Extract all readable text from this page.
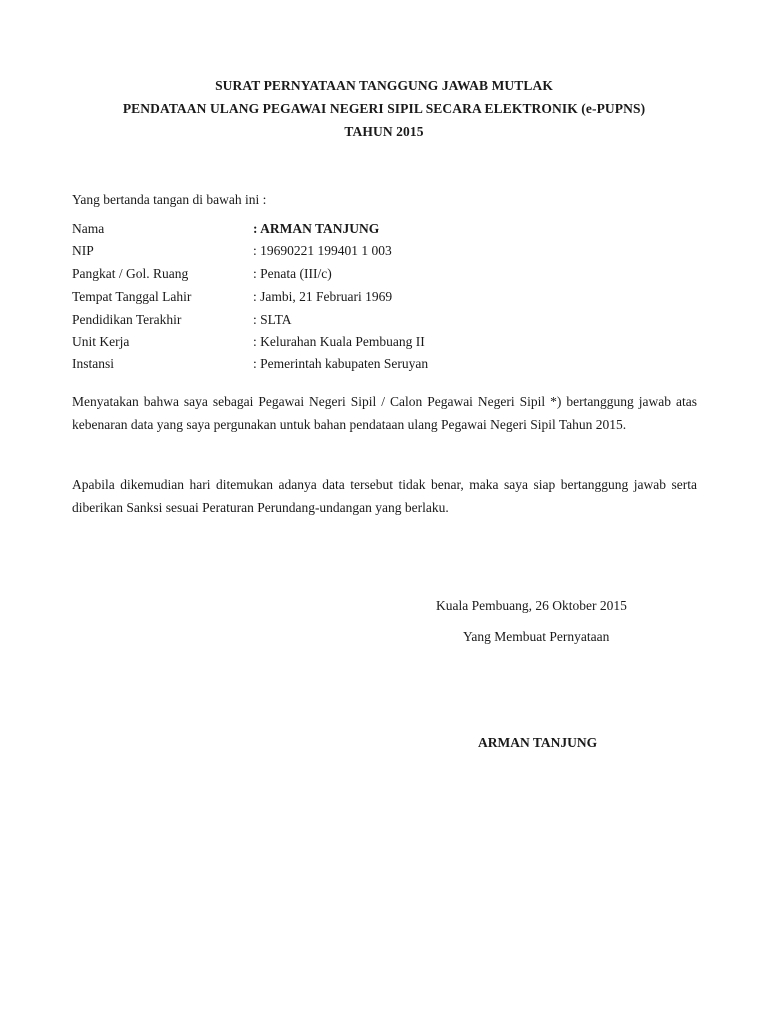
SURAT PERNYATAAN TANGGUNG JAWAB MUTLAK
PENDATAAN ULANG PEGAWAI NEGERI SIPIL SECARA ELEKTRONIK (e-PUPNS)
TAHUN 2015
Yang bertanda tangan di bawah ini :
Nama	: ARMAN TANJUNG
NIP	: 19690221 199401 1 003
Pangkat / Gol. Ruang	: Penata (III/c)
Tempat Tanggal Lahir	: Jambi, 21 Februari 1969
Pendidikan Terakhir	: SLTA
Unit Kerja	: Kelurahan Kuala Pembuang II
Instansi	: Pemerintah kabupaten Seruyan
Menyatakan bahwa saya sebagai Pegawai Negeri Sipil / Calon Pegawai Negeri Sipil *) bertanggung jawab atas kebenaran data yang saya pergunakan untuk bahan pendataan ulang Pegawai Negeri Sipil Tahun 2015.
Apabila dikemudian hari ditemukan adanya data tersebut tidak benar, maka saya siap bertanggung jawab serta diberikan Sanksi sesuai Peraturan Perundang-undangan yang berlaku.
Kuala Pembuang, 26 Oktober 2015
Yang Membuat Pernyataan
ARMAN TANJUNG
